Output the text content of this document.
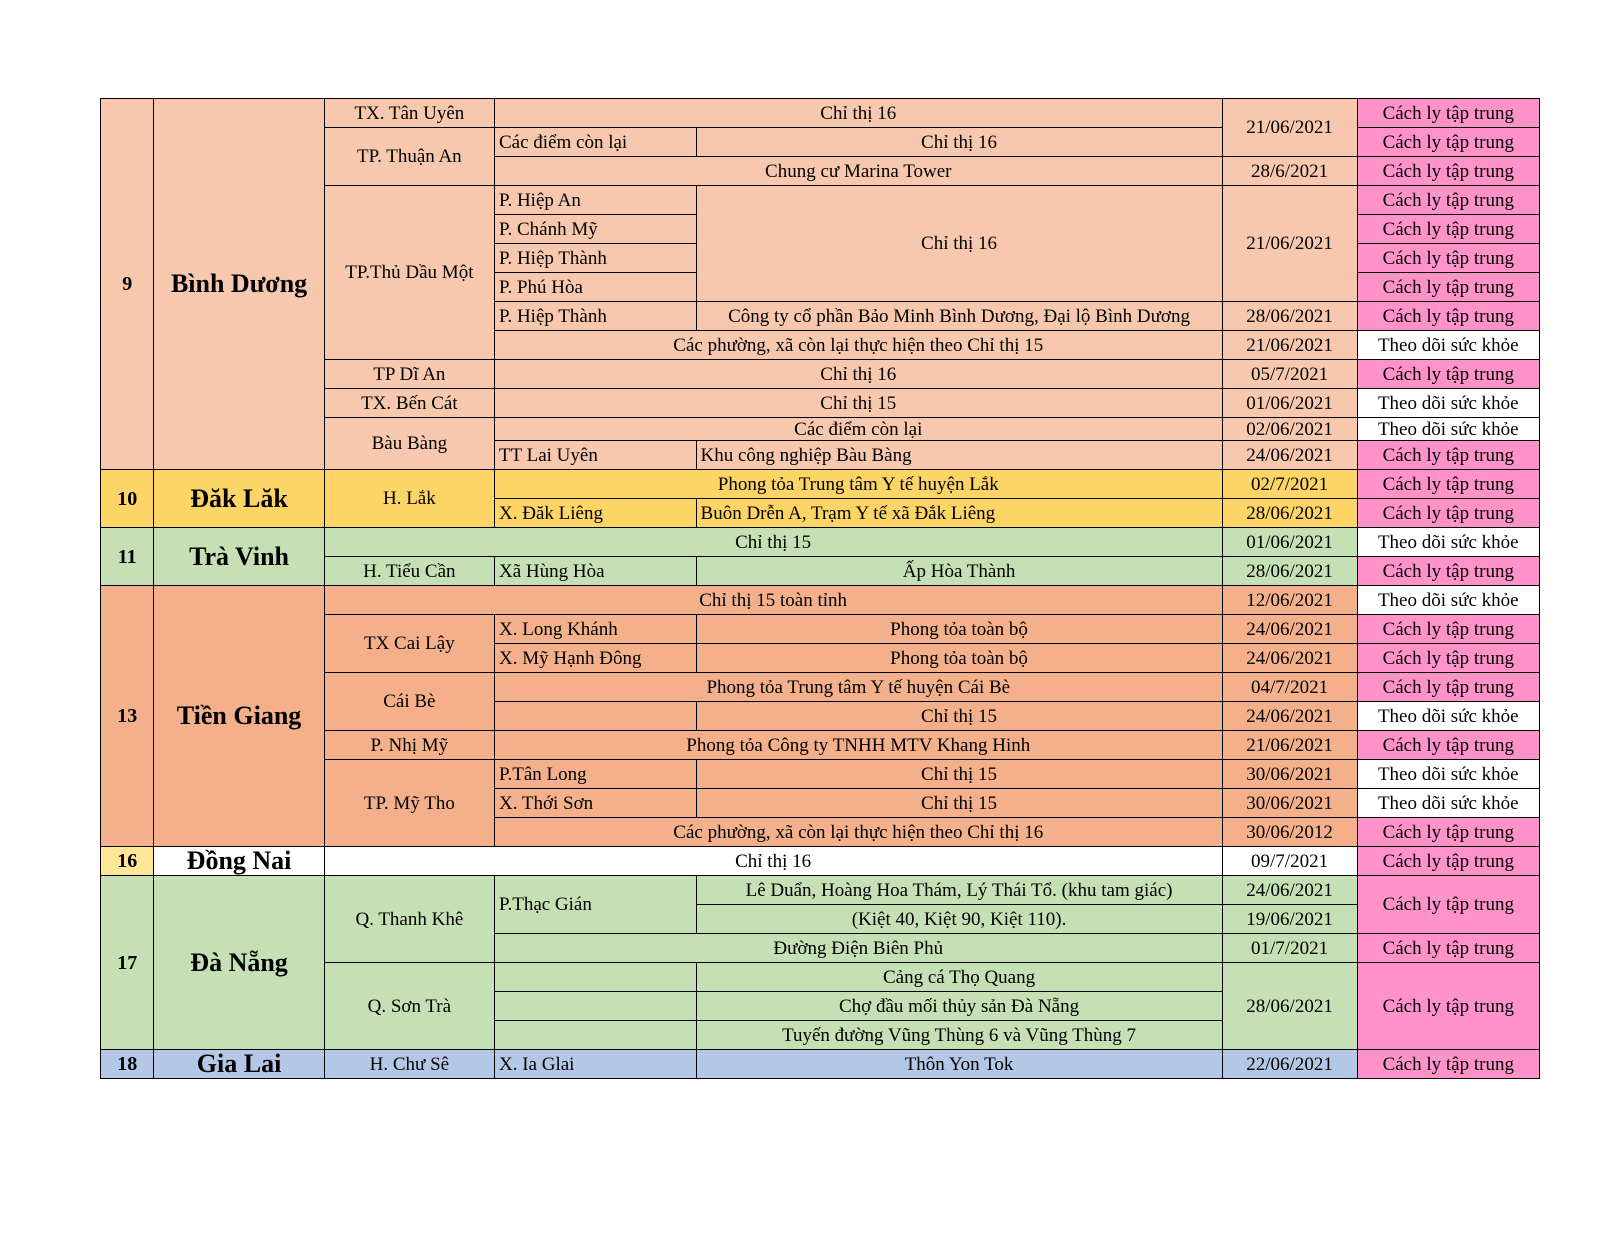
9	Bình Dương	TX. Tân Uyên	Chỉ thị 16		21/06/2021	Cách ly tập trung
		TP. Thuận An	Các điểm còn lại	Chỉ thị 16		Cách ly tập trung
			Chung cư Marina Tower		28/6/2021	Cách ly tập trung
		TP.Thủ Dầu Một	P. Hiệp An	Chỉ thị 16	21/06/2021	Cách ly tập trung
			P. Chánh Mỹ			Cách ly tập trung
			P. Hiệp Thành			Cách ly tập trung
			P. Phú Hòa			Cách ly tập trung
			P. Hiệp Thành	Công ty cổ phần Bảo Minh Bình Dương, Đại lộ Bình Dương	28/06/2021	Cách ly tập trung
			Các phường, xã còn lại thực hiện theo Chỉ thị 15		21/06/2021	Theo dõi sức khỏe
		TP Dĩ An	Chỉ thị 16		05/7/2021	Cách ly tập trung
		TX. Bến Cát	Chỉ thị 15		01/06/2021	Theo dõi sức khỏe
		Bàu Bàng	Các điểm còn lại		02/06/2021	Theo dõi sức khỏe
			TT Lai Uyên	Khu công nghiệp Bàu Bàng	24/06/2021	Cách ly tập trung
10	Đăk Lăk	H. Lắk	Phong tỏa Trung tâm Y tế huyện Lắk		02/7/2021	Cách ly tập trung
			X. Đăk Liêng	Buôn Drễn A, Trạm Y tế xã Đắk Liêng	28/06/2021	Cách ly tập trung
11	Trà Vinh	Chỉ thị 15			01/06/2021	Theo dõi sức khỏe
		H. Tiểu Cần	Xã Hùng Hòa	Ấp Hòa Thành	28/06/2021	Cách ly tập trung
13	Tiền Giang	Chỉ thị 15 toàn tỉnh			12/06/2021	Theo dõi sức khỏe
		TX Cai Lậy	X. Long Khánh	Phong tỏa toàn bộ	24/06/2021	Cách ly tập trung
			X. Mỹ Hạnh Đông	Phong tỏa toàn bộ	24/06/2021	Cách ly tập trung
		Cái Bè	Phong tỏa Trung tâm Y tế huyện Cái Bè		04/7/2021	Cách ly tập trung
				Chỉ thị 15	24/06/2021	Theo dõi sức khỏe
		P. Nhị Mỹ	Phong tỏa Công ty TNHH MTV Khang Hinh		21/06/2021	Cách ly tập trung
		TP. Mỹ Tho	P.Tân Long	Chỉ thị 15	30/06/2021	Theo dõi sức khỏe
			X. Thới Sơn	Chỉ thị 15	30/06/2021	Theo dõi sức khỏe
			Các phường, xã còn lại thực hiện theo Chỉ thị 16		30/06/2012	Cách ly tập trung
16	Đồng Nai	Chỉ thị 16			09/7/2021	Cách ly tập trung
17	Đà Nẵng	Q. Thanh Khê	P.Thạc Gián	Lê Duẩn, Hoàng Hoa Thám, Lý Thái Tổ. (khu tam giác)	24/06/2021	Cách ly tập trung
				(Kiệt 40, Kiệt 90, Kiệt 110).	19/06/2021	
			Đường Điện Biên Phủ		01/7/2021	Cách ly tập trung
		Q. Sơn Trà		Cảng cá Thọ Quang	28/06/2021	Cách ly tập trung
				Chợ đầu mối thủy sản Đà Nẵng		
				Tuyến đường Vũng Thùng 6 và Vũng Thùng 7		
18	Gia Lai	H. Chư Sê	X. Ia Glai	Thôn Yon Tok	22/06/2021	Cách ly tập trung
